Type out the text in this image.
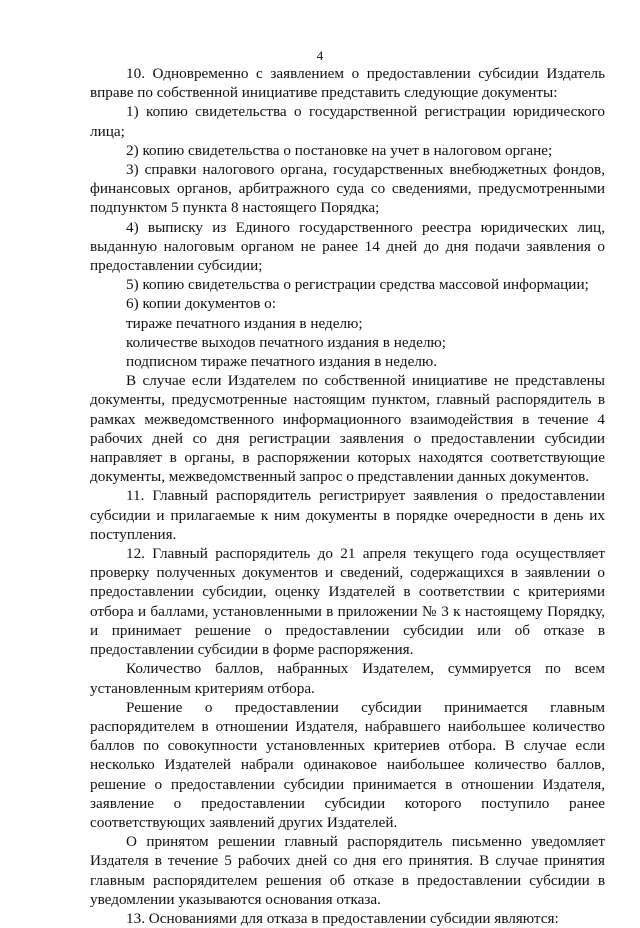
4

10. Одновременно с заявлением о предоставлении субсидии Издатель вправе по собственной инициативе представить следующие документы:

1) копию свидетельства о государственной регистрации юридического лица;

2) копию свидетельства о постановке на учет в налоговом органе;

3) справки налогового органа, государственных внебюджетных фондов, финансовых органов, арбитражного суда со сведениями, предусмотренными подпунктом 5 пункта 8 настоящего Порядка;

4) выписку из Единого государственного реестра юридических лиц, выданную налоговым органом не ранее 14 дней до дня подачи заявления о предоставлении субсидии;

5) копию свидетельства о регистрации средства массовой информации;

6) копии документов о:

тираже печатного издания в неделю;

количестве выходов печатного издания в неделю;

подписном тираже печатного издания в неделю.

В случае если Издателем по собственной инициативе не представлены документы, предусмотренные настоящим пунктом, главный распорядитель в рамках межведомственного информационного взаимодействия в течение 4 рабочих дней со дня регистрации заявления о предоставлении субсидии направляет в органы, в распоряжении которых находятся соответствующие документы, межведомственный запрос о представлении данных документов.

11. Главный распорядитель регистрирует заявления о предоставлении субсидии и прилагаемые к ним документы в порядке очередности в день их поступления.

12. Главный распорядитель до 21 апреля текущего года осуществляет проверку полученных документов и сведений, содержащихся в заявлении о предоставлении субсидии, оценку Издателей в соответствии с критериями отбора и баллами, установленными в приложении № 3 к настоящему Порядку, и принимает решение о предоставлении субсидии или об отказе в предоставлении субсидии в форме распоряжения.

Количество баллов, набранных Издателем, суммируется по всем установленным критериям отбора.

Решение о предоставлении субсидии принимается главным распорядителем в отношении Издателя, набравшего наибольшее количество баллов по совокупности установленных критериев отбора. В случае если несколько Издателей набрали одинаковое наибольшее количество баллов, решение о предоставлении субсидии принимается в отношении Издателя, заявление о предоставлении субсидии которого поступило ранее соответствующих заявлений других Издателей.

О принятом решении главный распорядитель письменно уведомляет Издателя в течение 5 рабочих дней со дня его принятия. В случае принятия главным распорядителем решения об отказе в предоставлении субсидии в уведомлении указываются основания отказа.

13. Основаниями для отказа в предоставлении субсидии являются:
